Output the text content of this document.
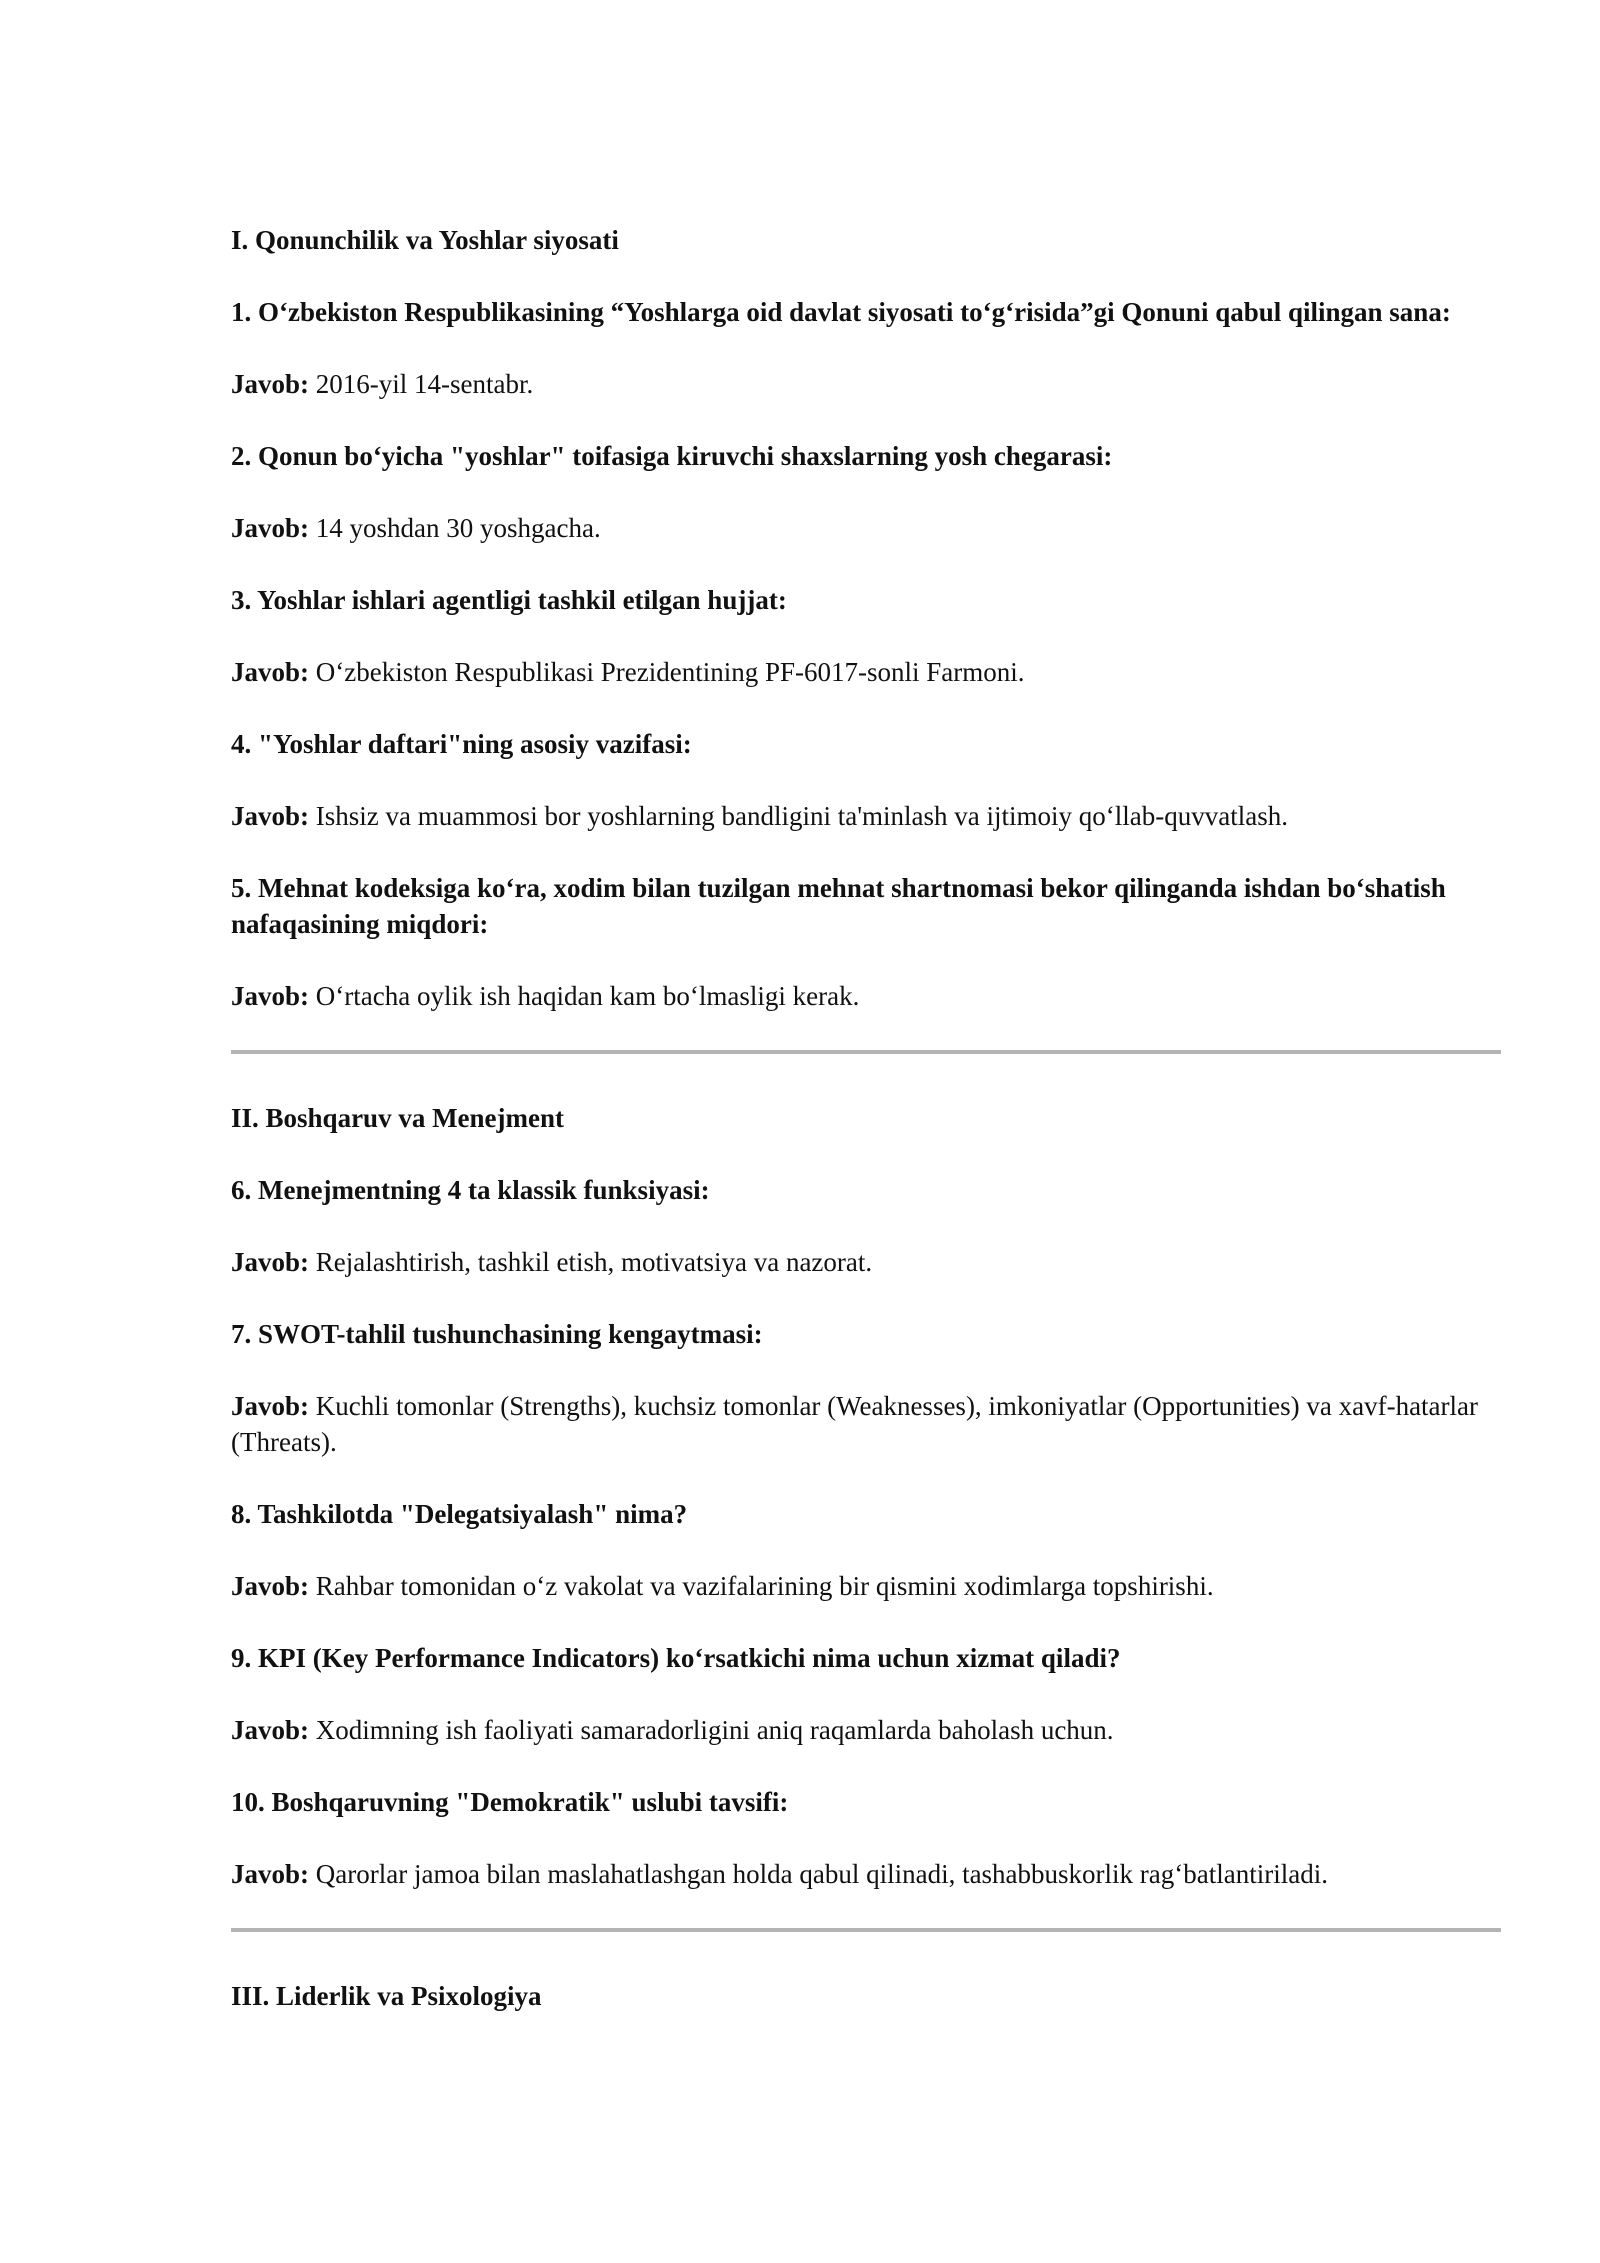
I. Qonunchilik va Yoshlar siyosati
1. O‘zbekiston Respublikasining “Yoshlarga oid davlat siyosati to‘g‘risida”gi Qonuni qabul qilingan sana:
Javob: 2016-yil 14-sentabr.
2. Qonun bo‘yicha "yoshlar" toifasiga kiruvchi shaxslarning yosh chegarasi:
Javob: 14 yoshdan 30 yoshgacha.
3. Yoshlar ishlari agentligi tashkil etilgan hujjat:
Javob: O‘zbekiston Respublikasi Prezidentining PF-6017-sonli Farmoni.
4. "Yoshlar daftari"ning asosiy vazifasi:
Javob: Ishsiz va muammosi bor yoshlarning bandligini ta'minlash va ijtimoiy qo‘llab-quvvatlash.
5. Mehnat kodeksiga ko‘ra, xodim bilan tuzilgan mehnat shartnomasi bekor qilinganda ishdan bo‘shatish nafaqasining miqdori:
Javob: O‘rtacha oylik ish haqidan kam bo‘lmasligi kerak.
II. Boshqaruv va Menejment
6. Menejmentning 4 ta klassik funksiyasi:
Javob: Rejalashtirish, tashkil etish, motivatsiya va nazorat.
7. SWOT-tahlil tushunchasining kengaytmasi:
Javob: Kuchli tomonlar (Strengths), kuchsiz tomonlar (Weaknesses), imkoniyatlar (Opportunities) va xavf-hatarlar (Threats).
8. Tashkilotda "Delegatsiyalash" nima?
Javob: Rahbar tomonidan o‘z vakolat va vazifalarining bir qismini xodimlarga topshirishi.
9. KPI (Key Performance Indicators) ko‘rsatkichi nima uchun xizmat qiladi?
Javob: Xodimning ish faoliyati samaradorligini aniq raqamlarda baholash uchun.
10. Boshqaruvning "Demokratik" uslubi tavsifi:
Javob: Qarorlar jamoa bilan maslahatlashgan holda qabul qilinadi, tashabbuskorlik rag‘batlantiriladi.
III. Liderlik va Psixologiya
